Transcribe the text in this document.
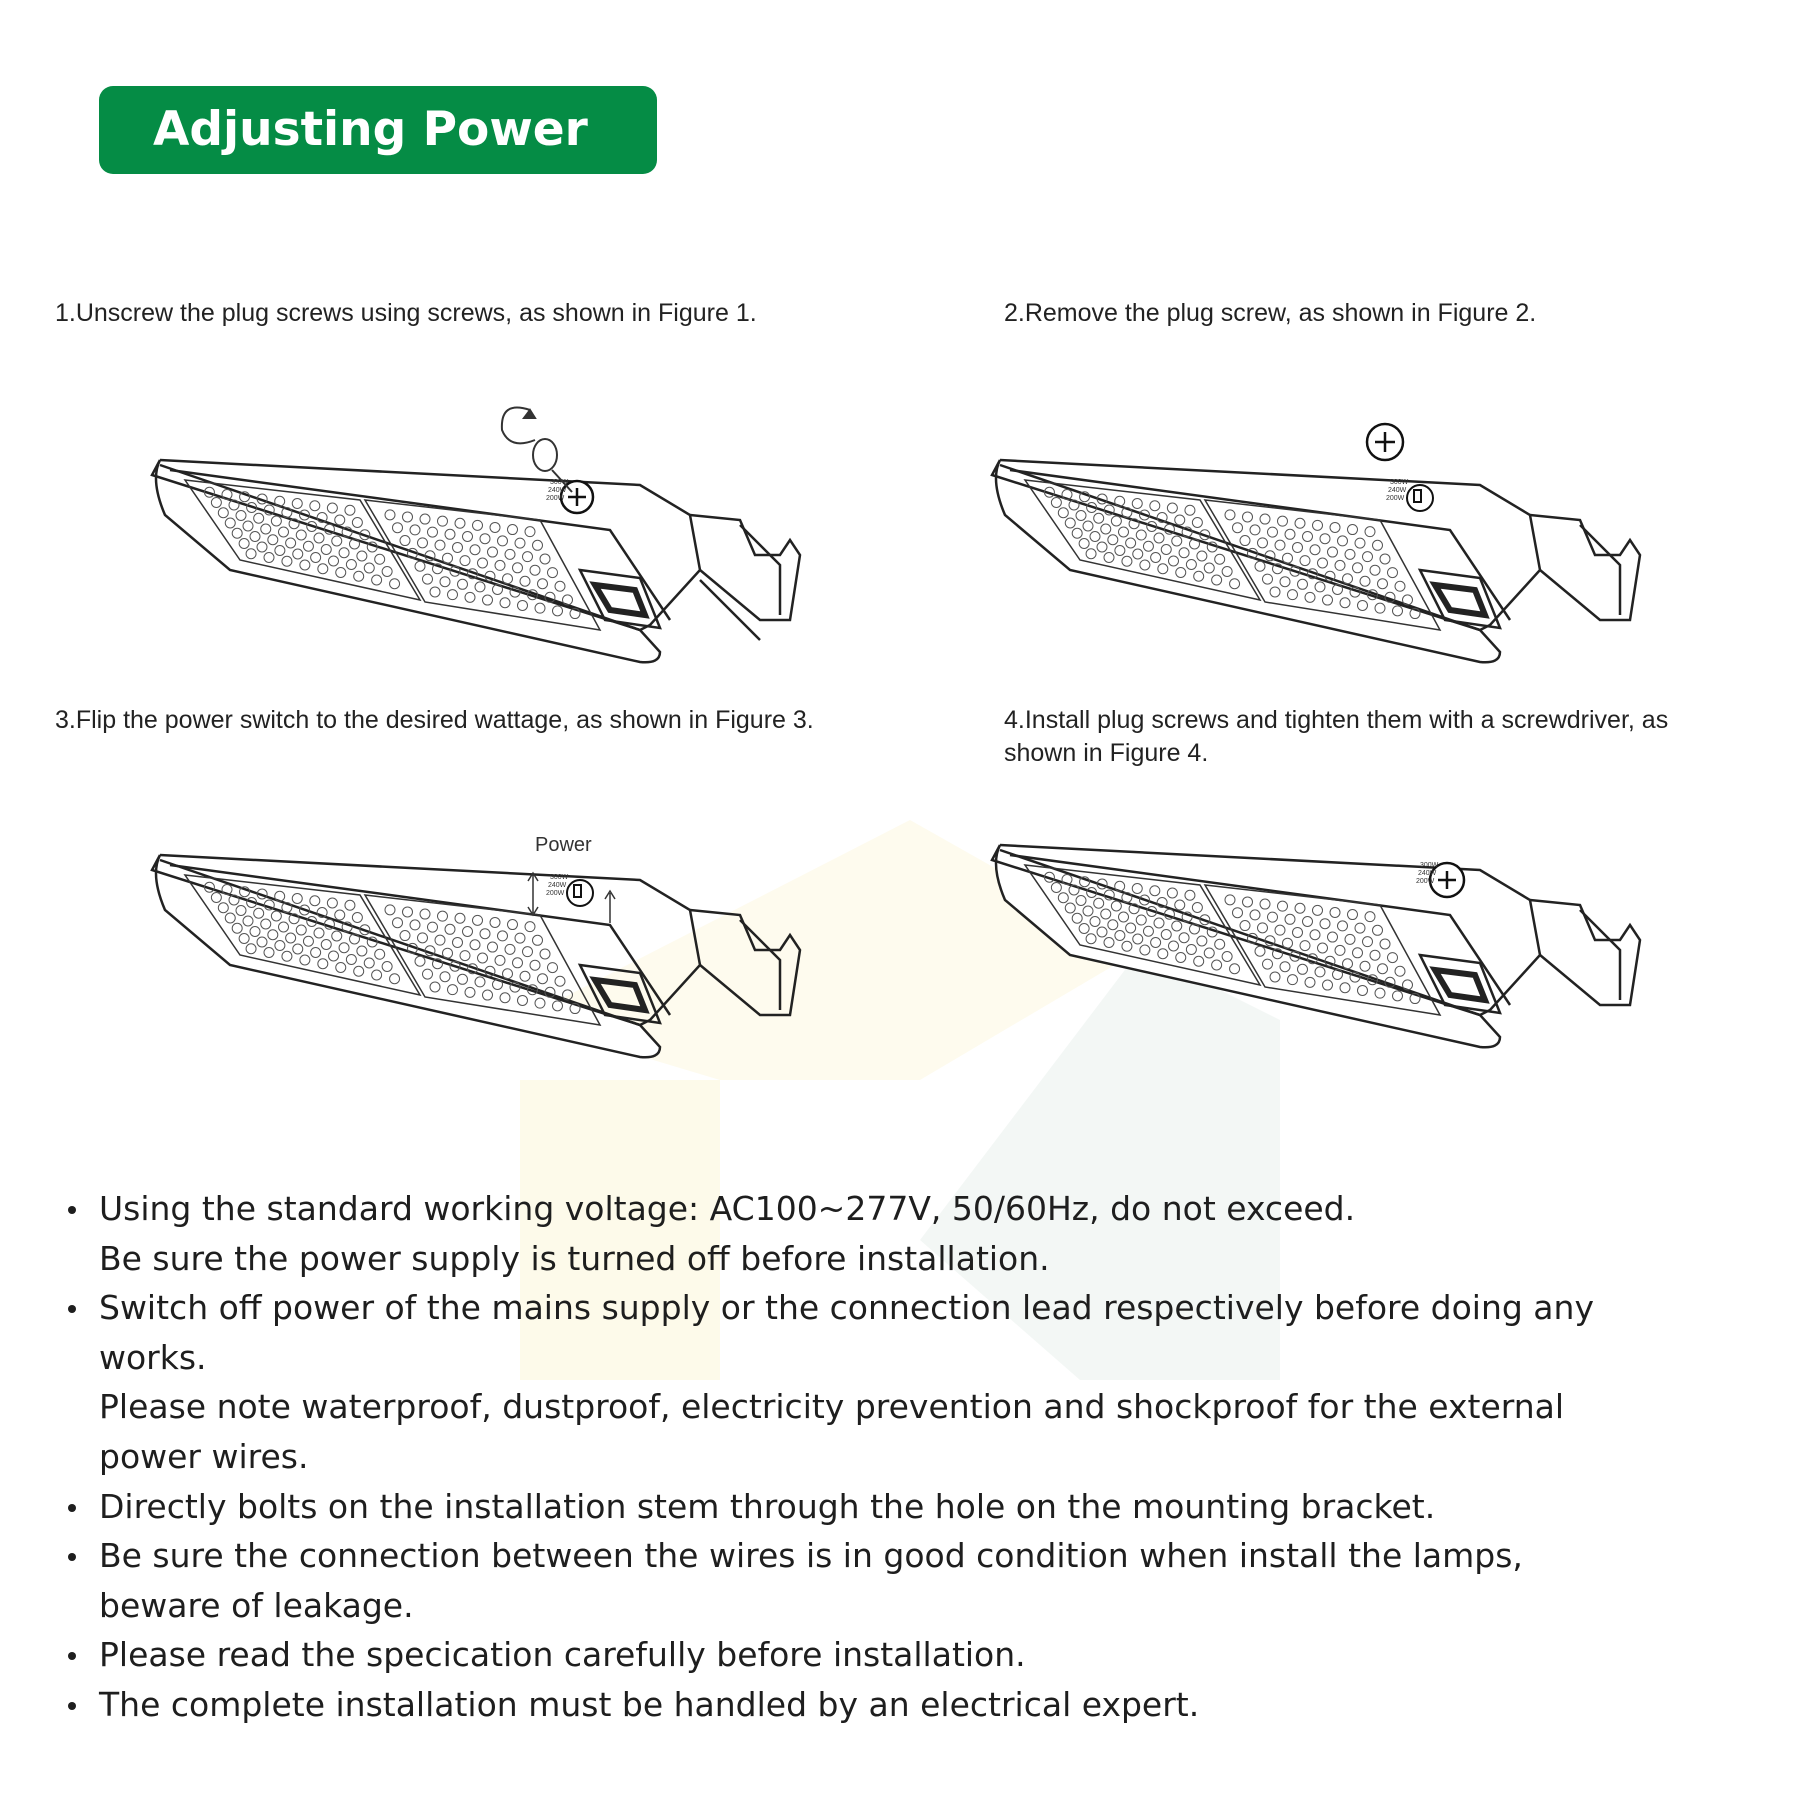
Adjusting Power
1.Unscrew the plug screws using screws, as shown in Figure 1.	2.Remove the plug screw, as shown in Figure 2.
3.Flip the power switch to the desired wattage, as shown in Figure 3.	4.Install plug screws and tighten them with a screwdriver, as
shown in Figure 4.
300W
240W
200W
300W
240W
200W
Power
300W
240W
200W
300W
240W
200W
Using the standard working voltage: AC100~277V, 50/60Hz, do not exceed.
Be sure the power supply is turned off before installation.
Switch off power of the mains supply or the connection lead respectively before doing any
works.
Please note waterproof, dustproof, electricity prevention and shockproof for the external
power wires.
Directly bolts on the installation stem through the hole on the mounting bracket.
Be sure the connection between the wires is in good condition when install the lamps,
beware of leakage.
Please read the specication carefully before installation.
The complete installation must be handled by an electrical expert.
